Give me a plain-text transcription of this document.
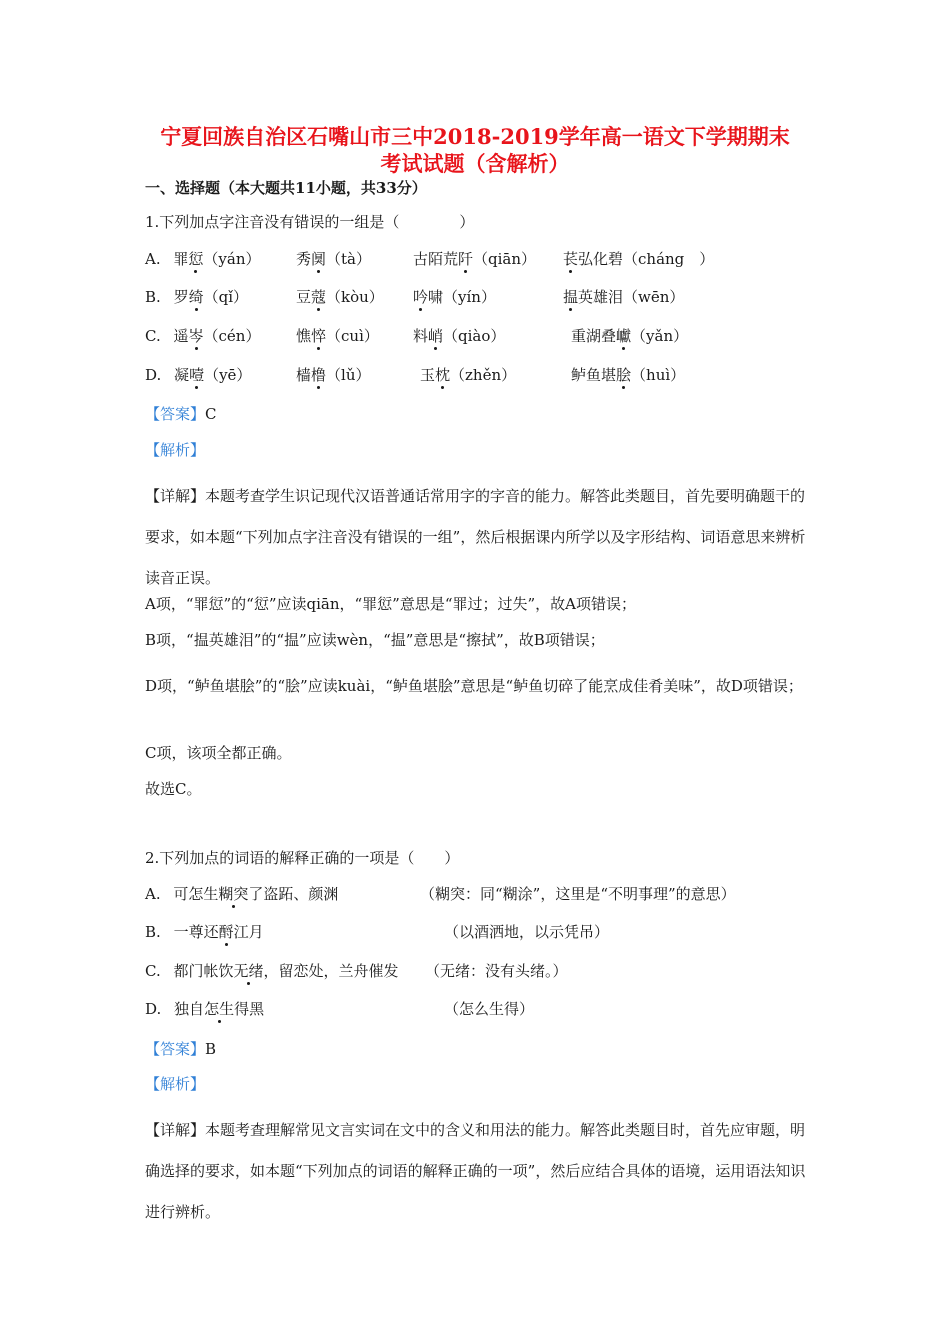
宁夏回族自治区石嘴山市三中2018-2019学年高一语文下学期期末
考试试题（含解析）
一、选择题（本大题共11小题，共33分）
1.下列加点字注音没有错误的一组是（　　　　）
A. 罪愆（yán） 秀阒（tà）	古陌荒阡（qiān） 苌弘化碧（cháng　）
B. 罗绮（qǐ）	豆蔻（kòu） 吟啸（yín）	揾英雄泪（wēn）
C. 遥岑（cén） 憔悴（cuì） 料峭（qiào）	重湖叠巘（yǎn）
D. 凝噎（yē）	樯橹（lǔ）	玉枕（zhěn）	鲈鱼堪脍（huì）
【答案】C
【解析】
【详解】本题考查学生识记现代汉语普通话常用字的字音的能力。解答此类题目，首先要明确题干的要求，如本题“下列加点字注音没有错误的一组”，然后根据课内所学以及字形结构、词语意思来辨析读音正误。
A项，“罪愆”的“愆”应读qiān，“罪愆”意思是“罪过；过失”，故A项错误；
B项，“揾英雄泪”的“揾”应读wèn，“揾”意思是“擦拭”，故B项错误；
D项，“鲈鱼堪脍”的“脍”应读kuài，“鲈鱼堪脍”意思是“鲈鱼切碎了能烹成佳肴美味”，故D项错误；
C项，该项全都正确。
故选C。
2.下列加点的词语的解释正确的一项是（　　）
A. 可怎生糊突了盗跖、颜渊	（糊突：同“糊涂”，这里是“不明事理”的意思）
B. 一尊还酹江月	（以酒洒地，以示凭吊）
C. 都门帐饮无绪，留恋处，兰舟催发 （无绪：没有头绪。）
D. 独自怎生得黑	（怎么生得）
【答案】B
【解析】
【详解】本题考查理解常见文言实词在文中的含义和用法的能力。解答此类题目时，首先应审题，明确选择的要求，如本题“下列加点的词语的解释正确的一项”，然后应结合具体的语境，运用语法知识进行辨析。
